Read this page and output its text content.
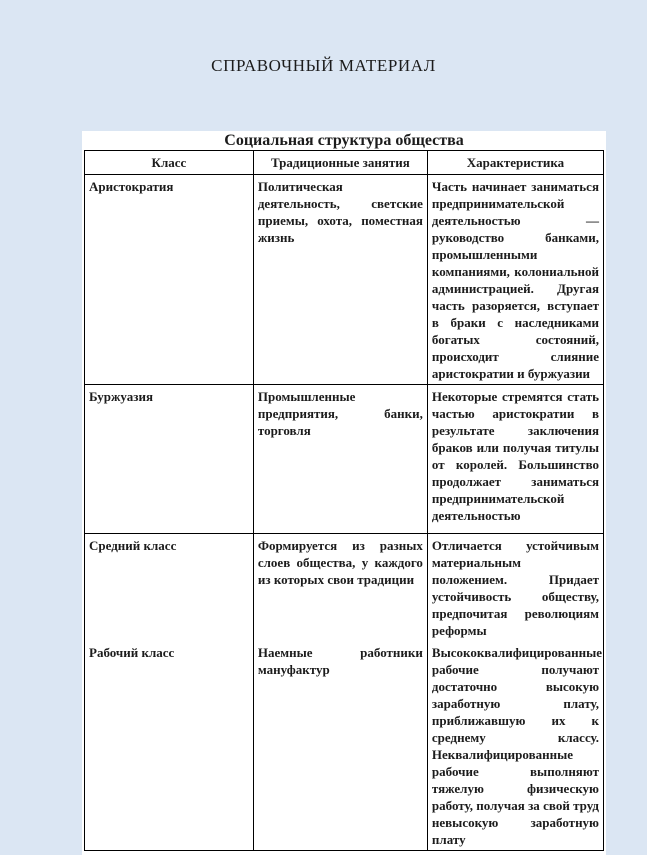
СПРАВОЧНЫЙ МАТЕРИАЛ
Социальная структура общества
Класс	Традиционные занятия	Характеристика
Аристократия	Политическая деятельность, светские приемы, охота, поместная жизнь	Часть начинает заниматься предпринимательской деятельностью — руководство банками, промышленными компаниями, колониальной администрацией. Другая часть разоряется, вступает в браки с наследниками богатых состояний, происходит слияние аристократии и буржуазии
Буржуазия	Промышленные предприятия, банки, торговля	Некоторые стремятся стать частью аристократии в результате заключения браков или получая титулы от королей. Большинство продолжает заниматься предпринимательской деятельностью
Средний класс	Формируется из разных слоев общества, у каждого из которых свои традиции	Отличается устойчивым материальным положением. Придает устойчивость обществу, предпочитая революциям реформы
Рабочий класс	Наемные работники мануфактур	Высококвалифицированные рабочие получают достаточно высокую заработную плату, приближавшую их к среднему классу. Неквалифицированные рабочие выполняют тяжелую физическую работу, получая за свой труд невысокую заработную плату
